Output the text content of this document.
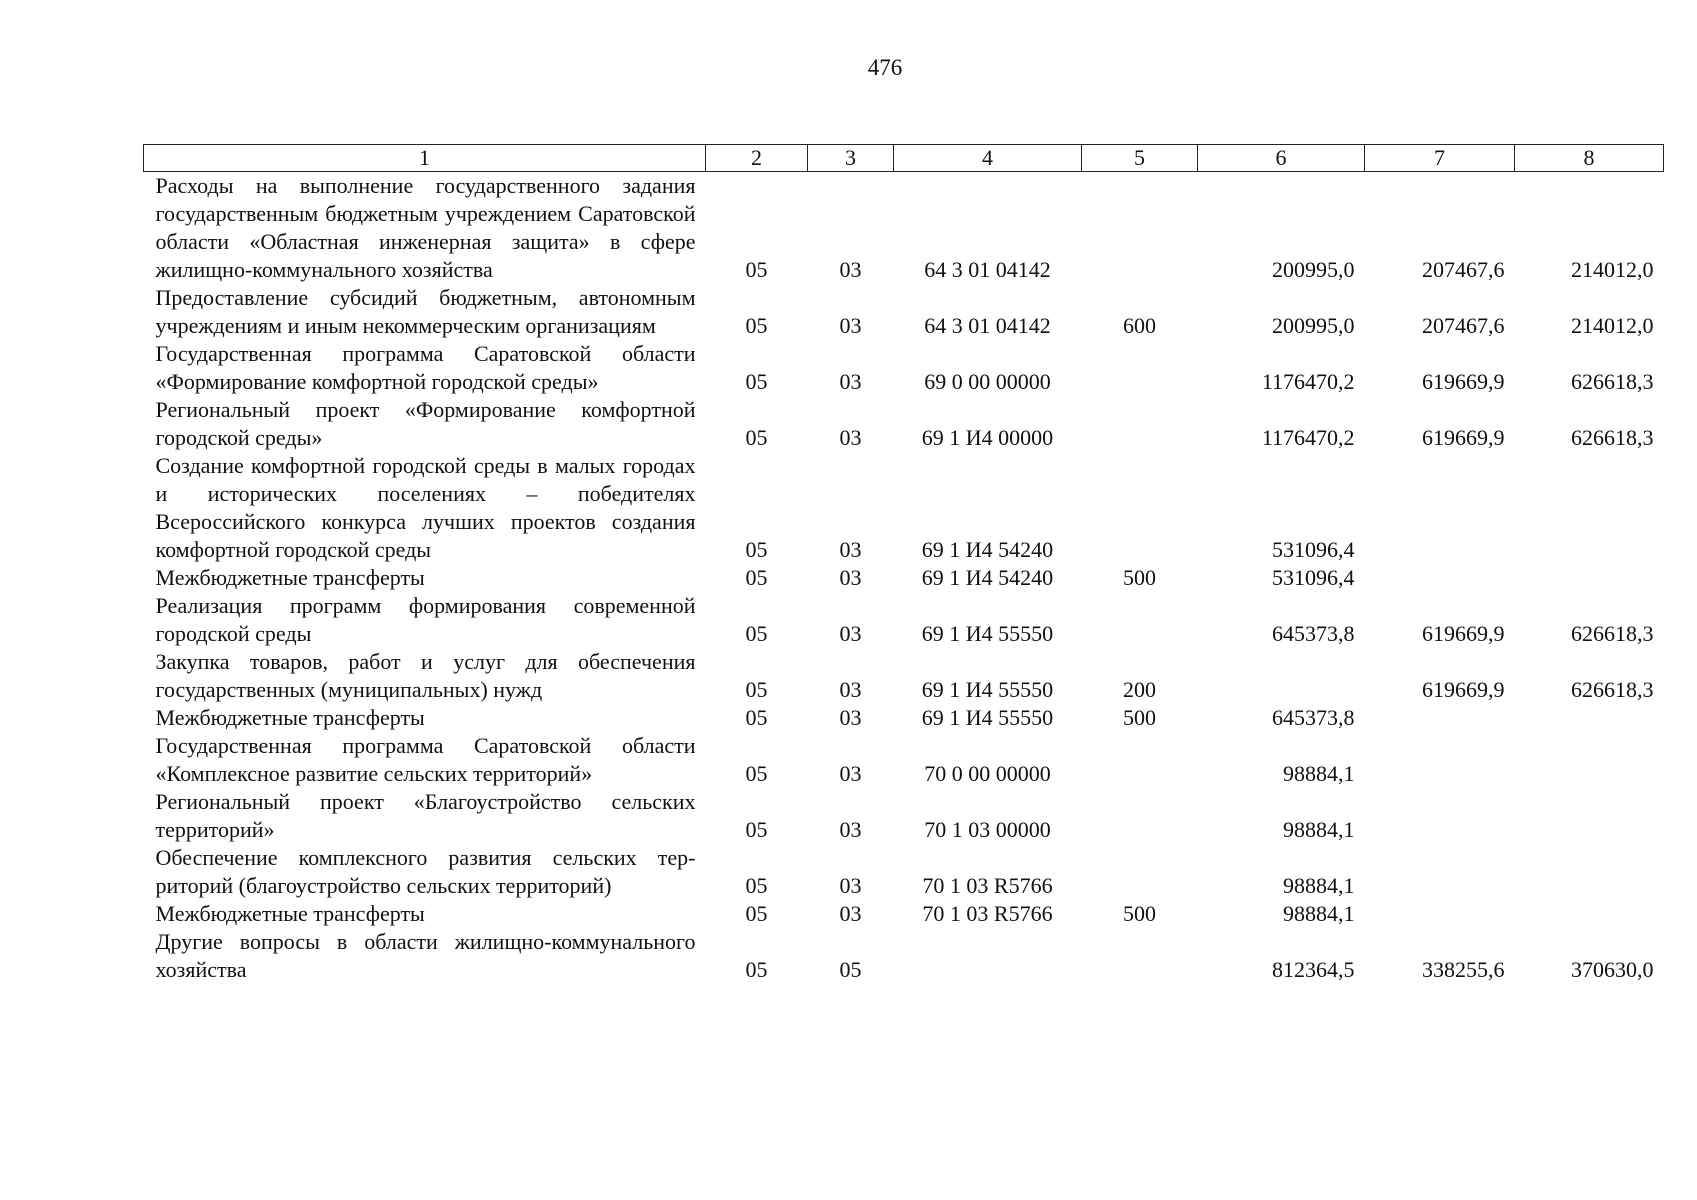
476
1	2	3	4	5	6	7	8
Расходы на выполнение государственного задания государственным бюджетным учреждением Саратовской области «Областная инженерная защита» в сфере жилищно-коммунального хозяйства	05	03	64 3 01 04142		200995,0	207467,6	214012,0
Предоставление субсидий бюджетным, автономным учреждениям и иным некоммерческим организациям	05	03	64 3 01 04142	600	200995,0	207467,6	214012,0
Государственная программа Саратовской области «Формирование комфортной городской среды»	05	03	69 0 00 00000		1176470,2	619669,9	626618,3
Региональный проект «Формирование комфортной городской среды»	05	03	69 1 И4 00000		1176470,2	619669,9	626618,3
Создание комфортной городской среды в малых городах и исторических поселениях – победителях Всероссийского конкурса лучших проектов создания комфортной городской среды	05	03	69 1 И4 54240		531096,4		
Межбюджетные трансферты	05	03	69 1 И4 54240	500	531096,4		
Реализация программ формирования современной городской среды	05	03	69 1 И4 55550		645373,8	619669,9	626618,3
Закупка товаров, работ и услуг для обеспечения государственных (муниципальных) нужд	05	03	69 1 И4 55550	200		619669,9	626618,3
Межбюджетные трансферты	05	03	69 1 И4 55550	500	645373,8		
Государственная программа Саратовской области «Комплексное развитие сельских территорий»	05	03	70 0 00 00000		98884,1		
Региональный проект «Благоустройство сельских территорий»	05	03	70 1 03 00000		98884,1		
Обеспечение комплексного развития сельских территорий (благоустройство сельских территорий)	05	03	70 1 03 R5766		98884,1		
Межбюджетные трансферты	05	03	70 1 03 R5766	500	98884,1		
Другие вопросы в области жилищно-коммунального хозяйства	05	05			812364,5	338255,6	370630,0
